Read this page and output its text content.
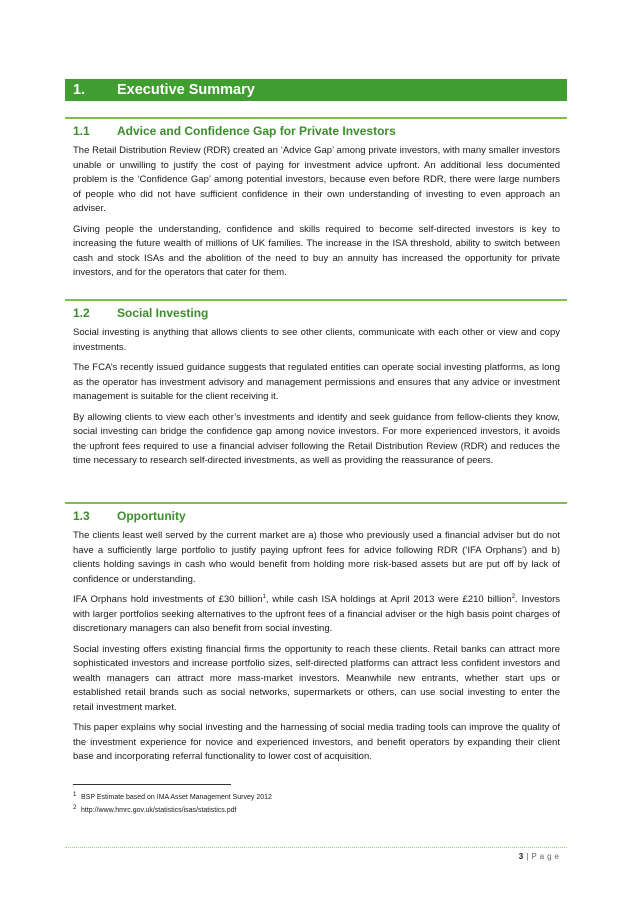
1. Executive Summary
1.1 Advice and Confidence Gap for Private Investors

The Retail Distribution Review (RDR) created an ‘Advice Gap’ among private investors, with many smaller investors unable or unwilling to justify the cost of paying for investment advice upfront. An additional less documented problem is the ‘Confidence Gap’ among potential investors, because even before RDR, there were large numbers of people who did not have sufficient confidence in their own understanding of investing to even approach an adviser.

Giving people the understanding, confidence and skills required to become self-directed investors is key to increasing the future wealth of millions of UK families. The increase in the ISA threshold, ability to switch between cash and stock ISAs and the abolition of the need to buy an annuity has increased the opportunity for private investors, and for the operators that cater for them.

1.2 Social Investing

Social investing is anything that allows clients to see other clients, communicate with each other or view and copy investments.

The FCA’s recently issued guidance suggests that regulated entities can operate social investing platforms, as long as the operator has investment advisory and management permissions and ensures that any advice or investment management is suitable for the client receiving it.

By allowing clients to view each other’s investments and identify and seek guidance from fellow-clients they know, social investing can bridge the confidence gap among novice investors. For more experienced investors, it avoids the upfront fees required to use a financial adviser following the Retail Distribution Review (RDR) and reduces the time necessary to research self-directed investments, as well as providing the reassurance of peers.

1.3 Opportunity

The clients least well served by the current market are a) those who previously used a financial adviser but do not have a sufficiently large portfolio to justify paying upfront fees for advice following RDR (‘IFA Orphans’) and b) clients holding savings in cash who would benefit from holding more risk-based assets but are put off by lack of confidence or understanding.

IFA Orphans hold investments of £30 billion$^1$, while cash ISA holdings at April 2013 were £210 billion$^2$. Investors with larger portfolios seeking alternatives to the upfront fees of a financial adviser or the high basis point charges of discretionary managers can also benefit from social investing.

Social investing offers existing financial firms the opportunity to reach these clients. Retail banks can attract more sophisticated investors and increase portfolio sizes, self-directed platforms can attract less confident investors and wealth managers can attract more mass-market investors. Meanwhile new entrants, whether start ups or established retail brands such as social networks, supermarkets or others, can use social investing to enter the retail investment market.

This paper explains why social investing and the harnessing of social media trading tools can improve the quality of the investment experience for novice and experienced investors, and benefit operators by expanding their client base and incorporating referral functionality to lower cost of acquisition.

1 BSP Estimate based on IMA Asset Management Survey 2012
2 http://www.hmrc.gov.uk/statistics/isas/statistics.pdf
3 | Page
